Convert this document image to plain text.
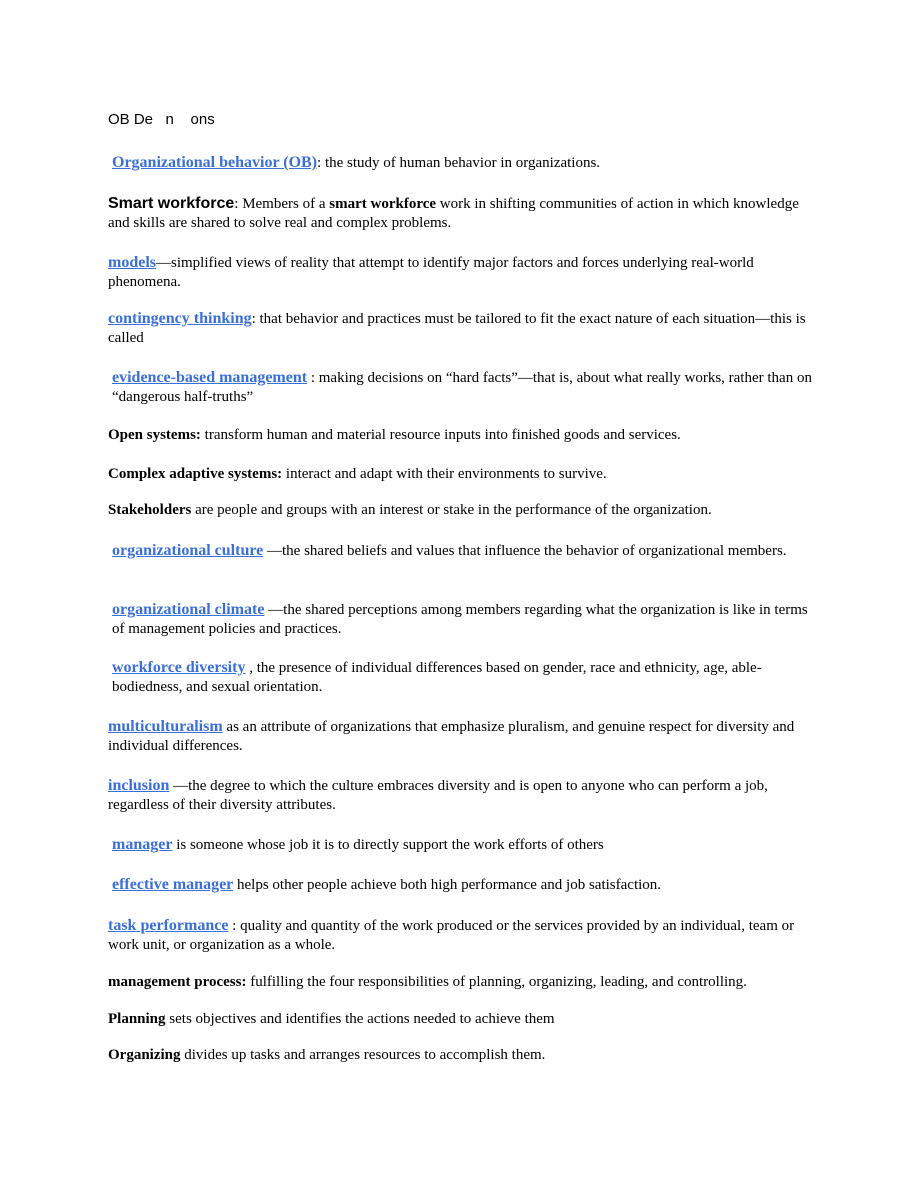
OB De   n    ons
Organizational behavior (OB): the study of human behavior in organizations.
Smart workforce: Members of a smart workforce work in shifting communities of action in which knowledge and skills are shared to solve real and complex problems.
models—simplified views of reality that attempt to identify major factors and forces underlying real-world phenomena.
contingency thinking: that behavior and practices must be tailored to fit the exact nature of each situation—this is called
evidence-based management : making decisions on “hard facts”—that is, about what really works, rather than on “dangerous half-truths”
Open systems: transform human and material resource inputs into finished goods and services.
Complex adaptive systems: interact and adapt with their environments to survive.
Stakeholders are people and groups with an interest or stake in the performance of the organization.
organizational culture —the shared beliefs and values that influence the behavior of organizational members.
organizational climate —the shared perceptions among members regarding what the organization is like in terms of management policies and practices.
workforce diversity , the presence of individual differences based on gender, race and ethnicity, age, able-bodiedness, and sexual orientation.
multiculturalism as an attribute of organizations that emphasize pluralism, and genuine respect for diversity and individual differences.
inclusion —the degree to which the culture embraces diversity and is open to anyone who can perform a job, regardless of their diversity attributes.
manager is someone whose job it is to directly support the work efforts of others
effective manager helps other people achieve both high performance and job satisfaction.
task performance : quality and quantity of the work produced or the services provided by an individual, team or work unit, or organization as a whole.
management process: fulfilling the four responsibilities of planning, organizing, leading, and controlling.
Planning sets objectives and identifies the actions needed to achieve them
Organizing divides up tasks and arranges resources to accomplish them.
